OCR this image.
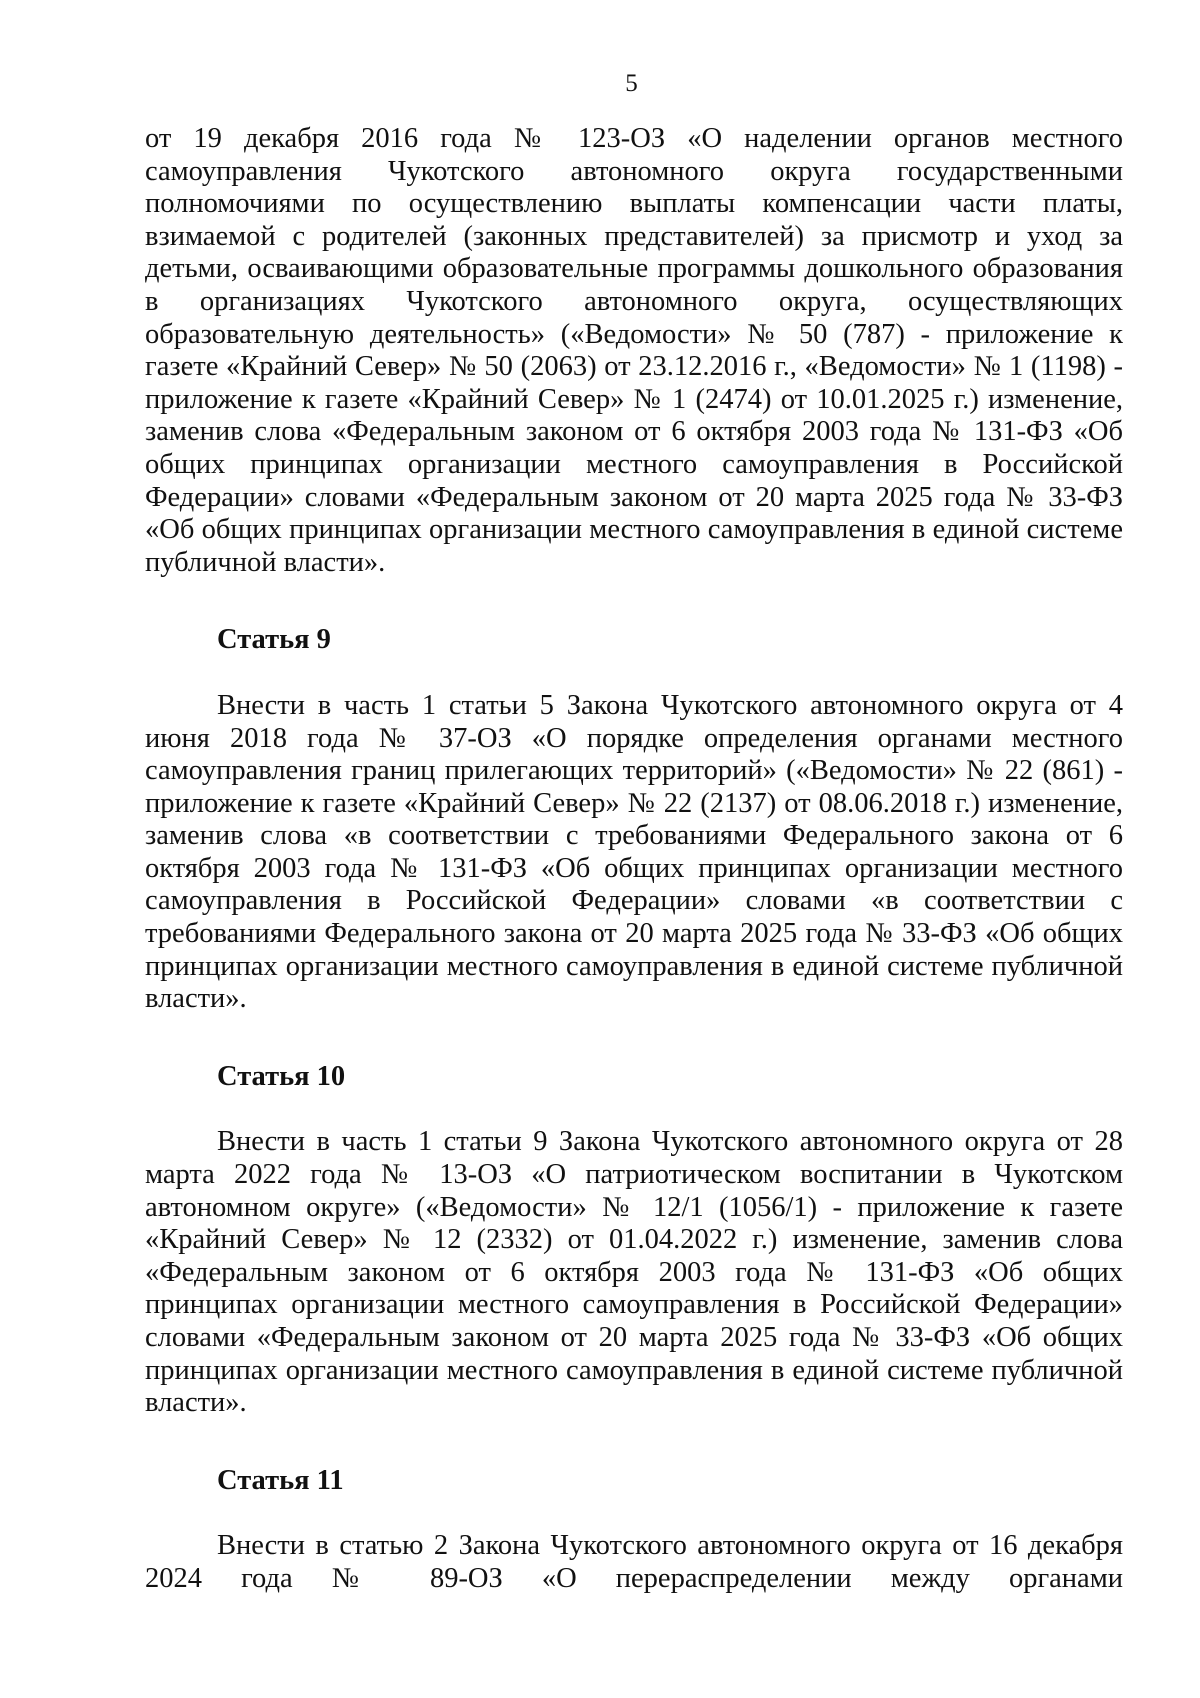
5

от 19 декабря 2016 года № 123-ОЗ «О наделении органов местного самоуправления Чукотского автономного округа государственными полномочиями по осуществлению выплаты компенсации части платы, взимаемой с родителей (законных представителей) за присмотр и уход за детьми, осваивающими образовательные программы дошкольного образования в организациях Чукотского автономного округа, осуществляющих образовательную деятельность» («Ведомости» № 50 (787) - приложение к газете «Крайний Север» № 50 (2063) от 23.12.2016 г., «Ведомости» № 1 (1198) - приложение к газете «Крайний Север» № 1 (2474) от 10.01.2025 г.) изменение, заменив слова «Федеральным законом от 6 октября 2003 года № 131-ФЗ «Об общих принципах организации местного самоуправления в Российской Федерации» словами «Федеральным законом от 20 марта 2025 года № 33-ФЗ «Об общих принципах организации местного самоуправления в единой системе публичной власти».

Статья 9

Внести в часть 1 статьи 5 Закона Чукотского автономного округа от 4 июня 2018 года № 37-ОЗ «О порядке определения органами местного самоуправления границ прилегающих территорий» («Ведомости» № 22 (861) - приложение к газете «Крайний Север» № 22 (2137) от 08.06.2018 г.) изменение, заменив слова «в соответствии с требованиями Федерального закона от 6 октября 2003 года № 131-ФЗ «Об общих принципах организации местного самоуправления в Российской Федерации» словами «в соответствии с требованиями Федерального закона от 20 марта 2025 года № 33-ФЗ «Об общих принципах организации местного самоуправления в единой системе публичной власти».

Статья 10

Внести в часть 1 статьи 9 Закона Чукотского автономного округа от 28 марта 2022 года № 13-ОЗ «О патриотическом воспитании в Чукотском автономном округе» («Ведомости» № 12/1 (1056/1) - приложение к газете «Крайний Север» № 12 (2332) от 01.04.2022 г.) изменение, заменив слова «Федеральным законом от 6 октября 2003 года № 131-ФЗ «Об общих принципах организации местного самоуправления в Российской Федерации» словами «Федеральным законом от 20 марта 2025 года № 33-ФЗ «Об общих принципах организации местного самоуправления в единой системе публичной власти».

Статья 11

Внести в статью 2 Закона Чукотского автономного округа от 16 декабря 2024 года № 89-ОЗ «О перераспределении между органами
